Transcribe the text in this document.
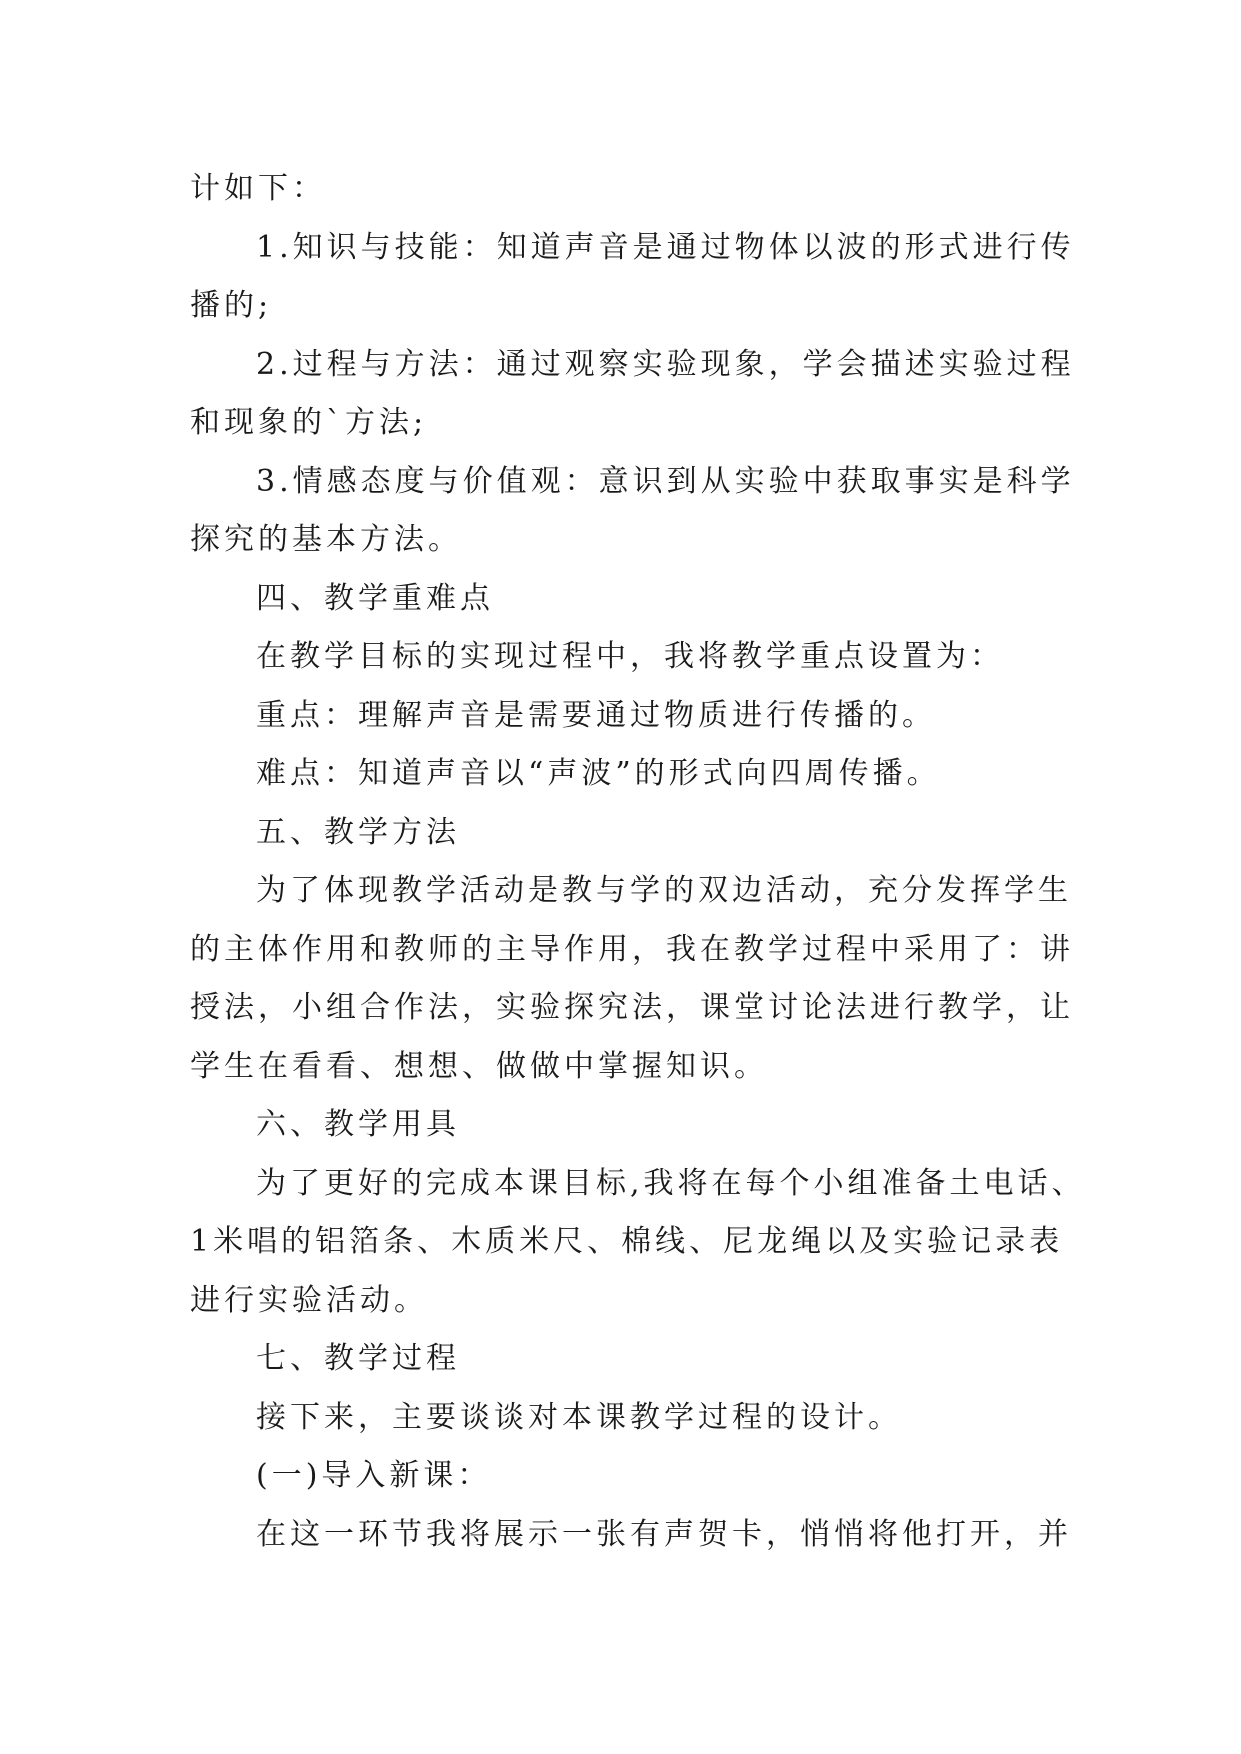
计如下：
1.知识与技能：知道声音是通过物体以波的形式进行传
播的;
2.过程与方法：通过观察实验现象，学会描述实验过程
和现象的`方法;
3.情感态度与价值观：意识到从实验中获取事实是科学
探究的基本方法。
四、教学重难点
在教学目标的实现过程中，我将教学重点设置为：
重点：理解声音是需要通过物质进行传播的。
难点：知道声音以“声波”的形式向四周传播。
五、教学方法
为了体现教学活动是教与学的双边活动，充分发挥学生
的主体作用和教师的主导作用，我在教学过程中采用了：讲
授法，小组合作法，实验探究法，课堂讨论法进行教学，让
学生在看看、想想、做做中掌握知识。
六、教学用具
为了更好的完成本课目标,我将在每个小组准备土电话、
1米唱的铝箔条、木质米尺、棉线、尼龙绳以及实验记录表
进行实验活动。
七、教学过程
接下来，主要谈谈对本课教学过程的设计。
(一)导入新课：
在这一环节我将展示一张有声贺卡，悄悄将他打开，并
